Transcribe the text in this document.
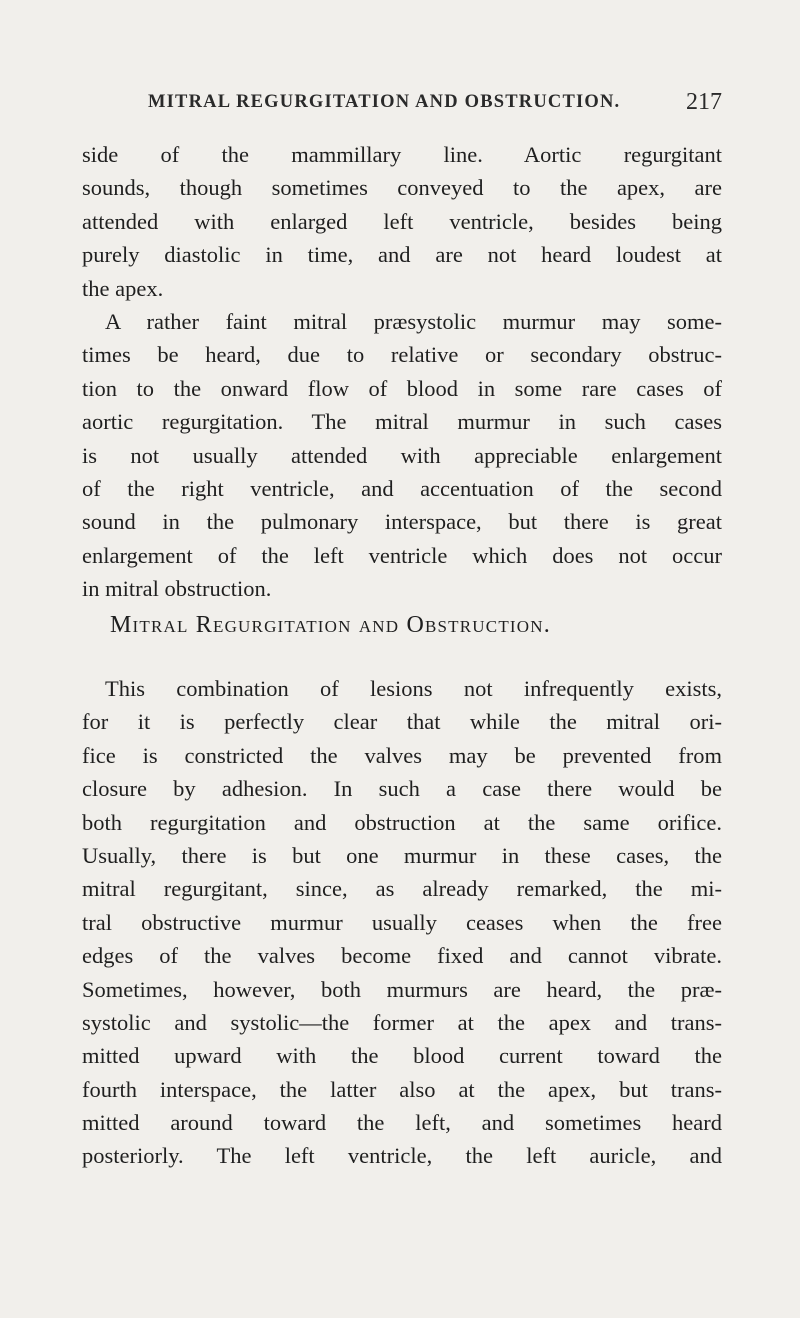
MITRAL REGURGITATION AND OBSTRUCTION.	217
side of the mammillary line. Aortic regurgitant
sounds, though sometimes conveyed to the apex, are
attended with enlarged left ventricle, besides being
purely diastolic in time, and are not heard loudest at
the apex.
A rather faint mitral præsystolic murmur may some-
times be heard, due to relative or secondary obstruc-
tion to the onward flow of blood in some rare cases of
aortic regurgitation. The mitral murmur in such cases
is not usually attended with appreciable enlargement
of the right ventricle, and accentuation of the second
sound in the pulmonary interspace, but there is great
enlargement of the left ventricle which does not occur
in mitral obstruction.
Mitral Regurgitation and Obstruction.
This combination of lesions not infrequently exists,
for it is perfectly clear that while the mitral ori-
fice is constricted the valves may be prevented from
closure by adhesion. In such a case there would be
both regurgitation and obstruction at the same orifice.
Usually, there is but one murmur in these cases, the
mitral regurgitant, since, as already remarked, the mi-
tral obstructive murmur usually ceases when the free
edges of the valves become fixed and cannot vibrate.
Sometimes, however, both murmurs are heard, the præ-
systolic and systolic—the former at the apex and trans-
mitted upward with the blood current toward the
fourth interspace, the latter also at the apex, but trans-
mitted around toward the left, and sometimes heard
posteriorly. The left ventricle, the left auricle, and
